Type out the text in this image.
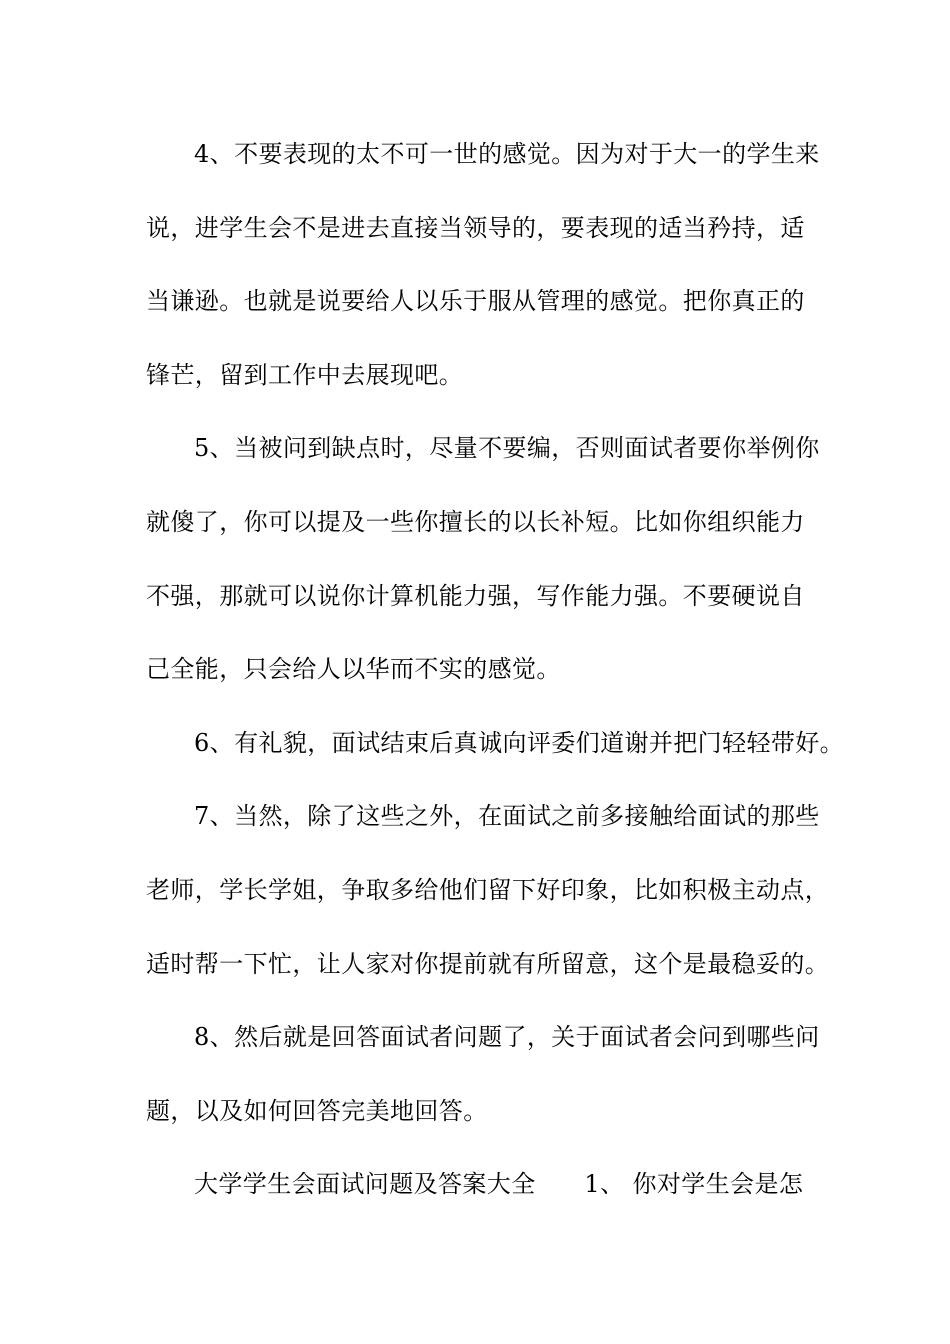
4、不要表现的太不可一世的感觉。因为对于大一的学生来
说，进学生会不是进去直接当领导的，要表现的适当矜持，适
当谦逊。也就是说要给人以乐于服从管理的感觉。把你真正的
锋芒，留到工作中去展现吧。
5、当被问到缺点时，尽量不要编，否则面试者要你举例你
就傻了，你可以提及一些你擅长的以长补短。比如你组织能力
不强，那就可以说你计算机能力强，写作能力强。不要硬说自
己全能，只会给人以华而不实的感觉。
6、有礼貌，面试结束后真诚向评委们道谢并把门轻轻带好。
7、当然，除了这些之外，在面试之前多接触给面试的那些
老师，学长学姐，争取多给他们留下好印象，比如积极主动点，
适时帮一下忙，让人家对你提前就有所留意，这个是最稳妥的。
8、然后就是回答面试者问题了，关于面试者会问到哪些问
题，以及如何回答完美地回答。
大学学生会面试问题及答案大全　　1、 你对学生会是怎
